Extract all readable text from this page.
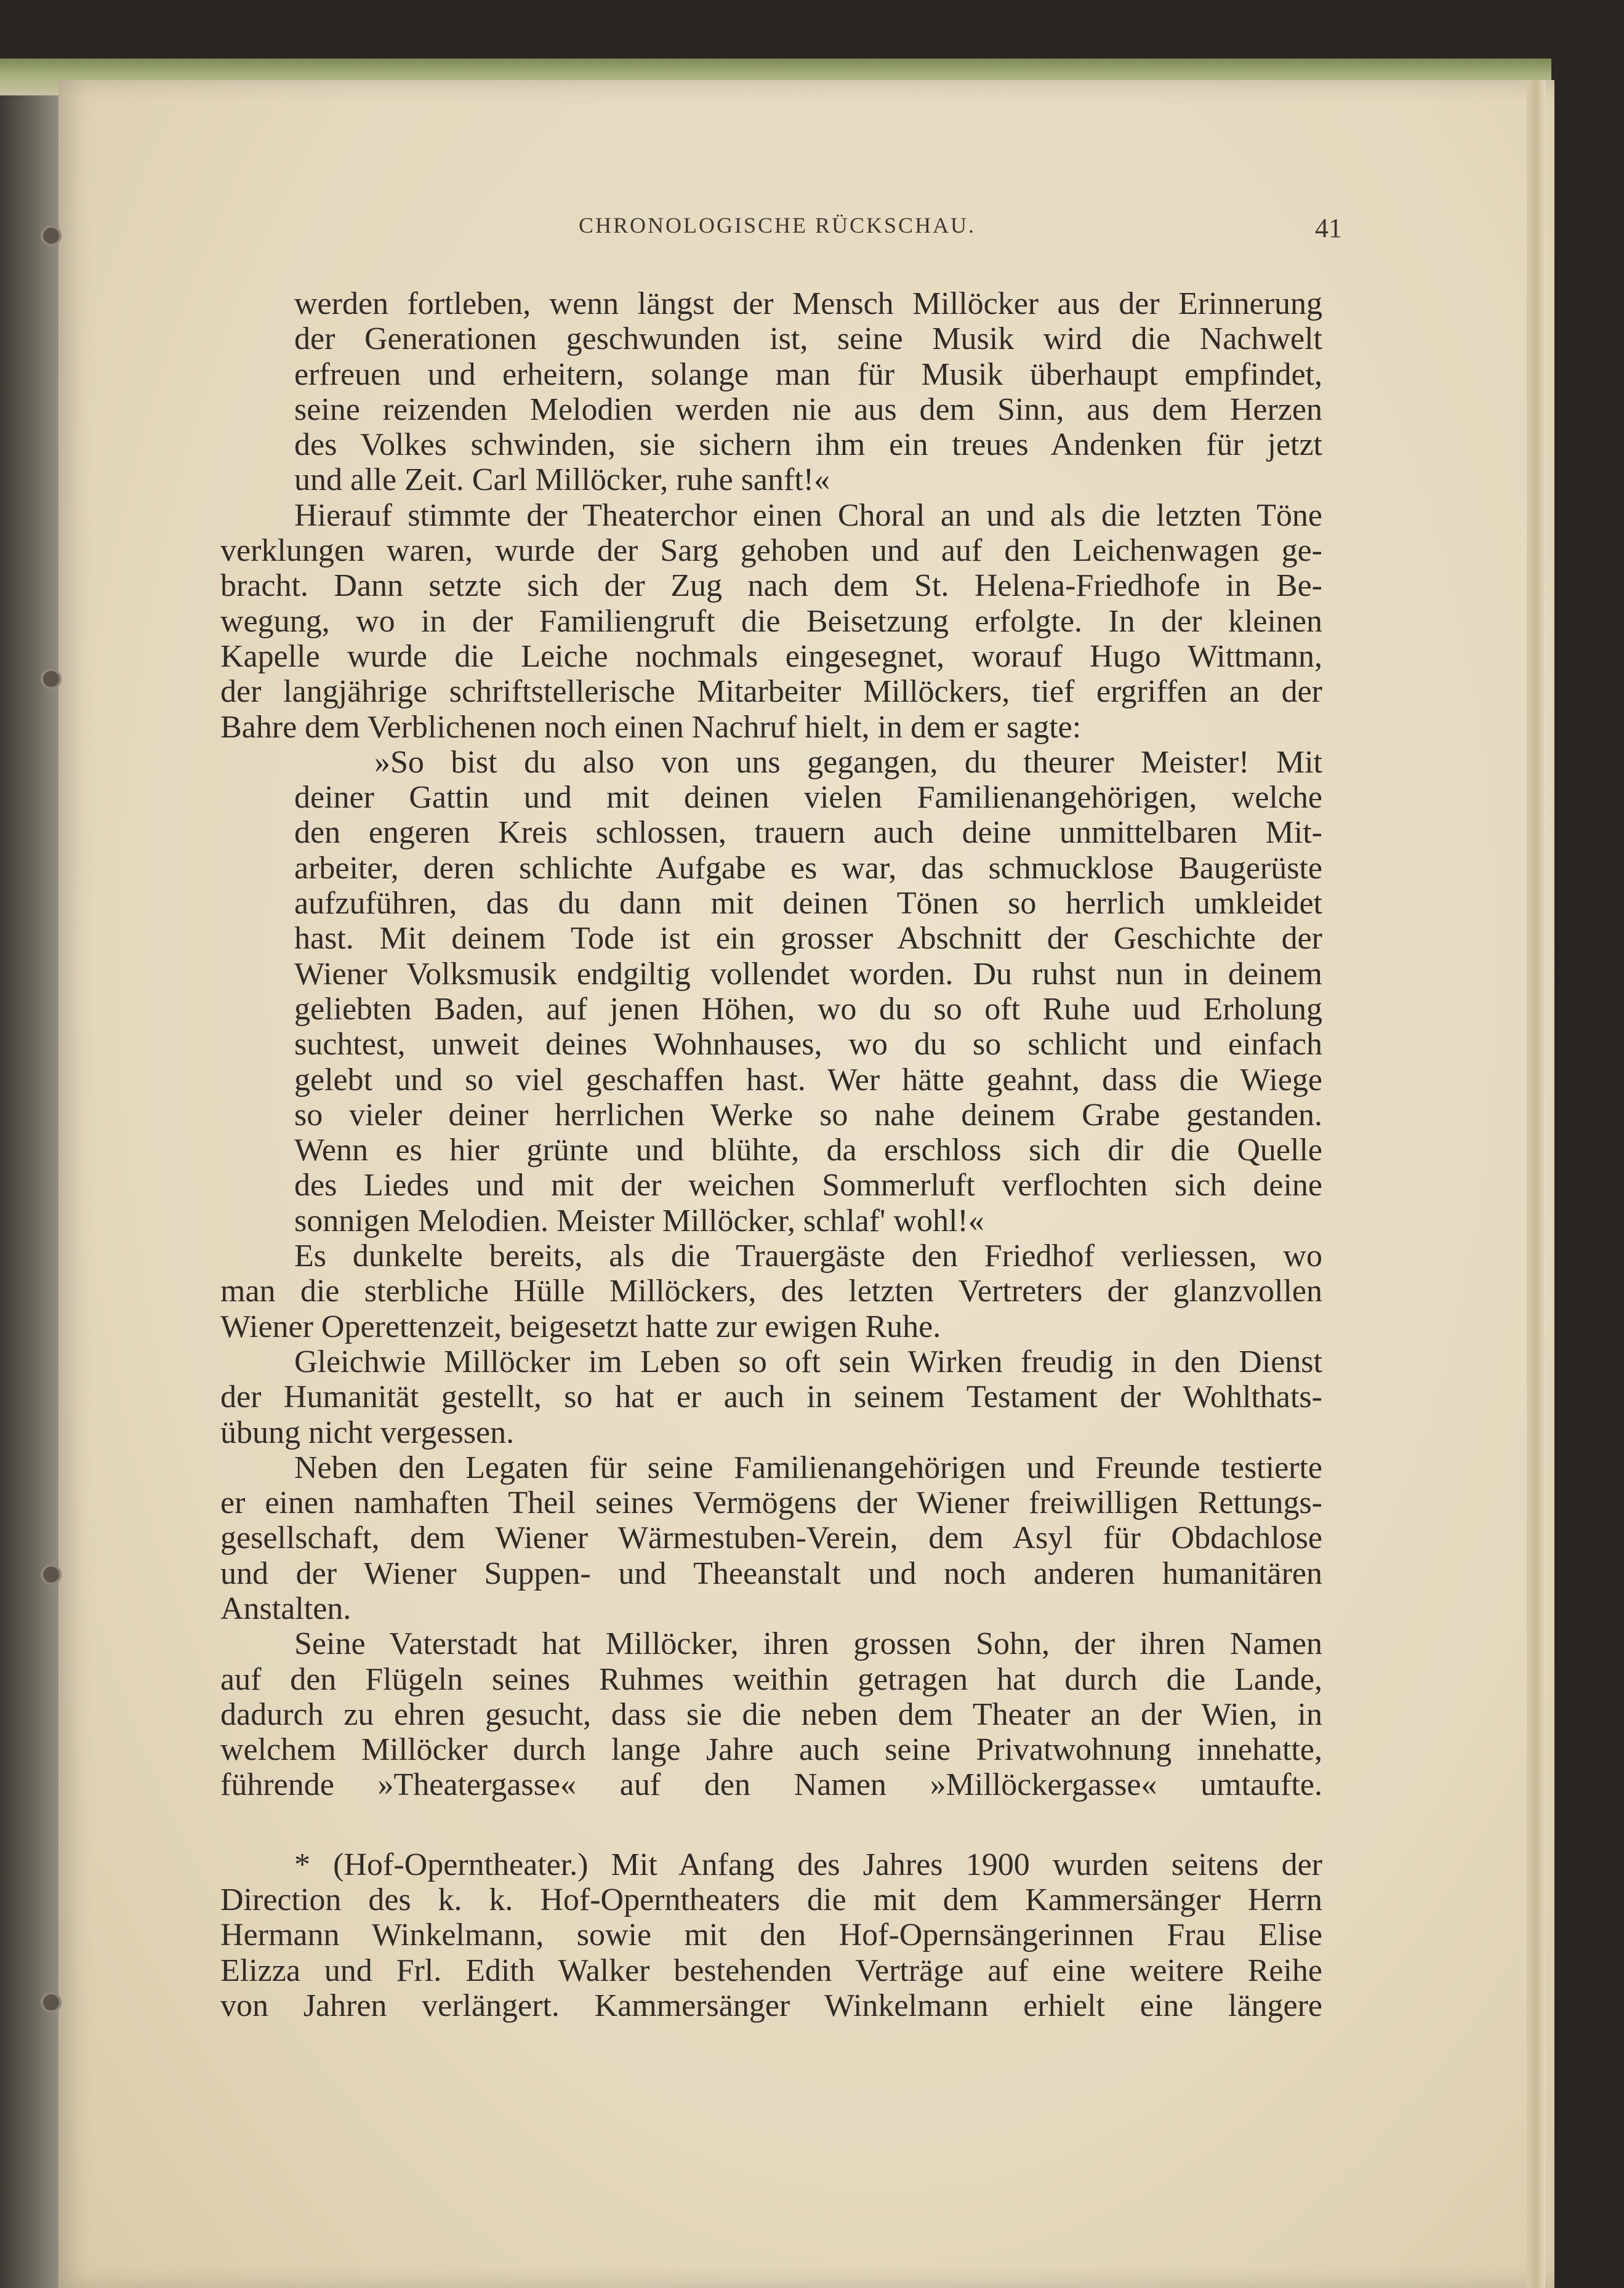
CHRONOLOGISCHE RÜCKSCHAU.	41
werden fortleben, wenn längst der Mensch Millöcker aus der Erinnerung
der Generationen geschwunden ist, seine Musik wird die Nachwelt
erfreuen und erheitern, solange man für Musik überhaupt empfindet,
seine reizenden Melodien werden nie aus dem Sinn, aus dem Herzen
des Volkes schwinden, sie sichern ihm ein treues Andenken für jetzt
und alle Zeit. Carl Millöcker, ruhe sanft!«
Hierauf stimmte der Theaterchor einen Choral an und als die letzten Töne
verklungen waren, wurde der Sarg gehoben und auf den Leichenwagen ge-
bracht. Dann setzte sich der Zug nach dem St. Helena-Friedhofe in Be-
wegung, wo in der Familiengruft die Beisetzung erfolgte. In der kleinen
Kapelle wurde die Leiche nochmals eingesegnet, worauf Hugo Wittmann,
der langjährige schriftstellerische Mitarbeiter Millöckers, tief ergriffen an der
Bahre dem Verblichenen noch einen Nachruf hielt, in dem er sagte:
»So bist du also von uns gegangen, du theurer Meister! Mit
deiner Gattin und mit deinen vielen Familienangehörigen, welche
den engeren Kreis schlossen, trauern auch deine unmittelbaren Mit-
arbeiter, deren schlichte Aufgabe es war, das schmucklose Baugerüste
aufzuführen, das du dann mit deinen Tönen so herrlich umkleidet
hast. Mit deinem Tode ist ein grosser Abschnitt der Geschichte der
Wiener Volksmusik endgiltig vollendet worden. Du ruhst nun in deinem
geliebten Baden, auf jenen Höhen, wo du so oft Ruhe uud Erholung
suchtest, unweit deines Wohnhauses, wo du so schlicht und einfach
gelebt und so viel geschaffen hast. Wer hätte geahnt, dass die Wiege
so vieler deiner herrlichen Werke so nahe deinem Grabe gestanden.
Wenn es hier grünte und blühte, da erschloss sich dir die Quelle
des Liedes und mit der weichen Sommerluft verflochten sich deine
sonnigen Melodien. Meister Millöcker, schlaf' wohl!«
Es dunkelte bereits, als die Trauergäste den Friedhof verliessen, wo
man die sterbliche Hülle Millöckers, des letzten Vertreters der glanzvollen
Wiener Operettenzeit, beigesetzt hatte zur ewigen Ruhe.
Gleichwie Millöcker im Leben so oft sein Wirken freudig in den Dienst
der Humanität gestellt, so hat er auch in seinem Testament der Wohlthats-
übung nicht vergessen.
Neben den Legaten für seine Familienangehörigen und Freunde testierte
er einen namhaften Theil seines Vermögens der Wiener freiwilligen Rettungs-
gesellschaft, dem Wiener Wärmestuben-Verein, dem Asyl für Obdachlose
und der Wiener Suppen- und Theeanstalt und noch anderen humanitären
Anstalten.
Seine Vaterstadt hat Millöcker, ihren grossen Sohn, der ihren Namen
auf den Flügeln seines Ruhmes weithin getragen hat durch die Lande,
dadurch zu ehren gesucht, dass sie die neben dem Theater an der Wien, in
welchem Millöcker durch lange Jahre auch seine Privatwohnung innehatte,
führende »Theatergasse« auf den Namen »Millöckergasse« umtaufte.
* (Hof-Operntheater.) Mit Anfang des Jahres 1900 wurden seitens der
Direction des k. k. Hof-Operntheaters die mit dem Kammersänger Herrn
Hermann Winkelmann, sowie mit den Hof-Opernsängerinnen Frau Elise
Elizza und Frl. Edith Walker bestehenden Verträge auf eine weitere Reihe
von Jahren verlängert. Kammersänger Winkelmann erhielt eine längere
